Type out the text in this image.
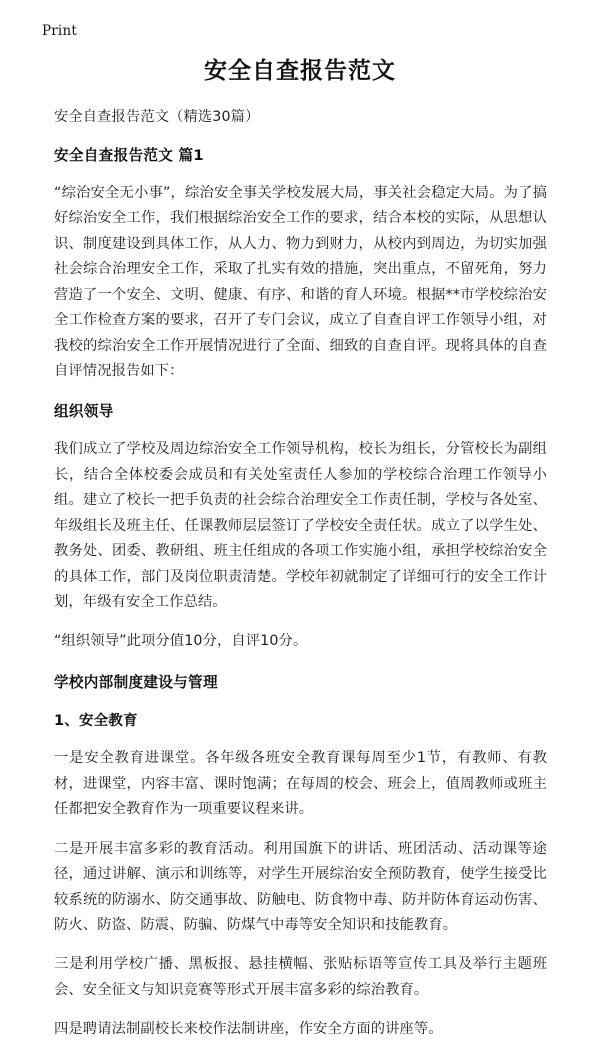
Print
安全自查报告范文

安全自查报告范文（精选30篇）

安全自查报告范文 篇1

“综治安全无小事”，综治安全事关学校发展大局，事关社会稳定大局。为了搞好综治安全工作，我们根据综治安全工作的要求，结合本校的实际，从思想认识、制度建设到具体工作，从人力、物力到财力，从校内到周边，为切实加强社会综合治理安全工作，采取了扎实有效的措施，突出重点，不留死角，努力营造了一个安全、文明、健康、有序、和谐的育人环境。根据**市学校综治安全工作检查方案的要求，召开了专门会议，成立了自查自评工作领导小组，对我校的综治安全工作开展情况进行了全面、细致的自查自评。现将具体的自查自评情况报告如下：

组织领导

我们成立了学校及周边综治安全工作领导机构，校长为组长，分管校长为副组长，结合全体校委会成员和有关处室责任人参加的学校综合治理工作领导小组。建立了校长一把手负责的社会综合治理安全工作责任制，学校与各处室、年级组长及班主任、任课教师层层签订了学校安全责任状。成立了以学生处、教务处、团委、教研组、班主任组成的各项工作实施小组，承担学校综治安全的具体工作，部门及岗位职责清楚。学校年初就制定了详细可行的安全工作计划，年级有安全工作总结。

“组织领导”此项分值10分，自评10分。

学校内部制度建设与管理
1、安全教育

一是安全教育进课堂。各年级各班安全教育课每周至少1节，有教师、有教材，进课堂，内容丰富、课时饱满；在每周的校会、班会上，值周教师或班主任都把安全教育作为一项重要议程来讲。

二是开展丰富多彩的教育活动。利用国旗下的讲话、班团活动、活动课等途径，通过讲解、演示和训练等，对学生开展综治安全预防教育，使学生接受比较系统的防溺水、防交通事故、防触电、防食物中毒、防并防体育运动伤害、防火、防盗、防震、防骗、防煤气中毒等安全知识和技能教育。

三是利用学校广播、黑板报、悬挂横幅、张贴标语等宣传工具及举行主题班会、安全征文与知识竞赛等形式开展丰富多彩的综治教育。

四是聘请法制副校长来校作法制讲座，作安全方面的讲座等。
